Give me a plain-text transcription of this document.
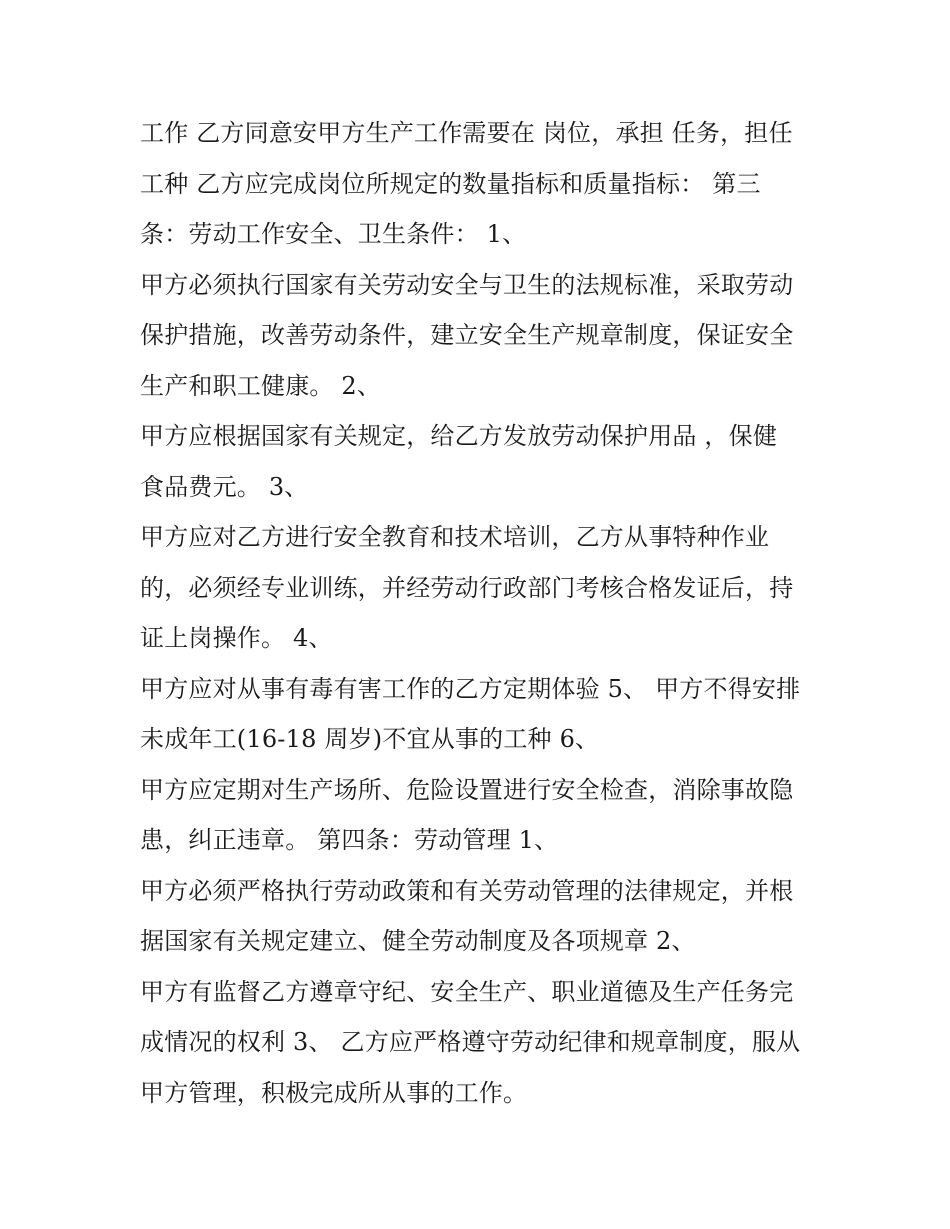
工作 乙方同意安甲方生产工作需要在 岗位，承担 任务，担任
工种 乙方应完成岗位所规定的数量指标和质量指标： 第三
条：劳动工作安全、卫生条件： 1、
甲方必须执行国家有关劳动安全与卫生的法规标准，采取劳动
保护措施，改善劳动条件，建立安全生产规章制度，保证安全
生产和职工健康。 2、
甲方应根据国家有关规定，给乙方发放劳动保护用品 ，保健
食品费元。 3、
甲方应对乙方进行安全教育和技术培训，乙方从事特种作业
的，必须经专业训练，并经劳动行政部门考核合格发证后，持
证上岗操作。 4、
甲方应对从事有毒有害工作的乙方定期体验 5、 甲方不得安排
未成年工(16-18 周岁)不宜从事的工种 6、
甲方应定期对生产场所、危险设置进行安全检查，消除事故隐
患，纠正违章。 第四条：劳动管理 1、
甲方必须严格执行劳动政策和有关劳动管理的法律规定，并根
据国家有关规定建立、健全劳动制度及各项规章 2、
甲方有监督乙方遵章守纪、安全生产、职业道德及生产任务完
成情况的权利 3、 乙方应严格遵守劳动纪律和规章制度，服从
甲方管理，积极完成所从事的工作。
